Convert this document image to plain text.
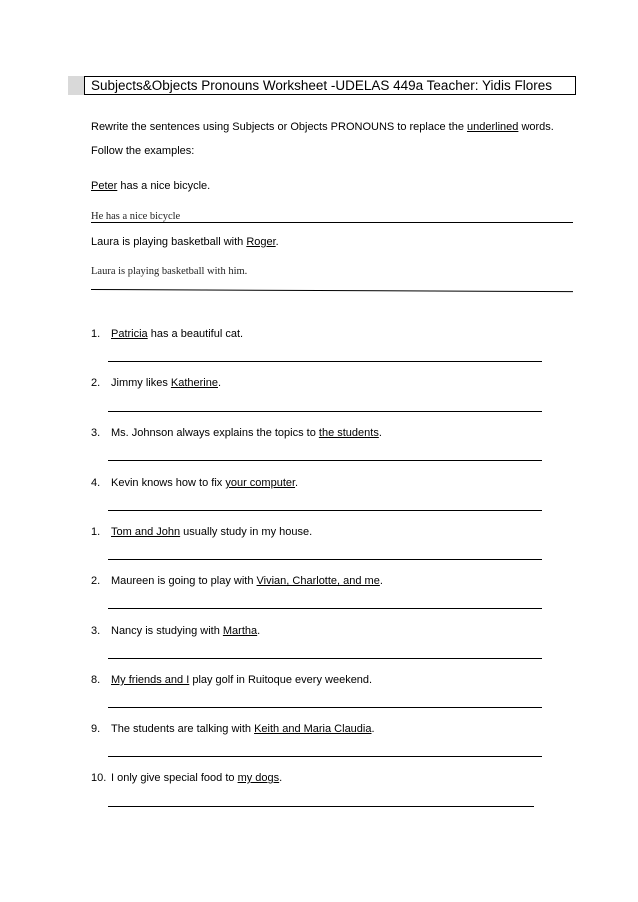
Subjects&Objects Pronouns Worksheet -UDELAS 449a Teacher: Yidis Flores
Rewrite the sentences using Subjects or Objects PRONOUNS to replace the underlined words.
Follow the examples:
Peter has a nice bicycle.
He has a nice bicycle
Laura is playing basketball with Roger.
Laura is playing basketball with him.
1. Patricia has a beautiful cat.
2. Jimmy likes Katherine.
3. Ms. Johnson always explains the topics to the students.
4. Kevin knows how to fix your computer.
1. Tom and John usually study in my house.
2. Maureen is going to play with Vivian, Charlotte, and me.
3. Nancy is studying with Martha.
8. My friends and I play golf in Ruitoque every weekend.
9. The students are talking with Keith and Maria Claudia.
10. I only give special food to my dogs.
